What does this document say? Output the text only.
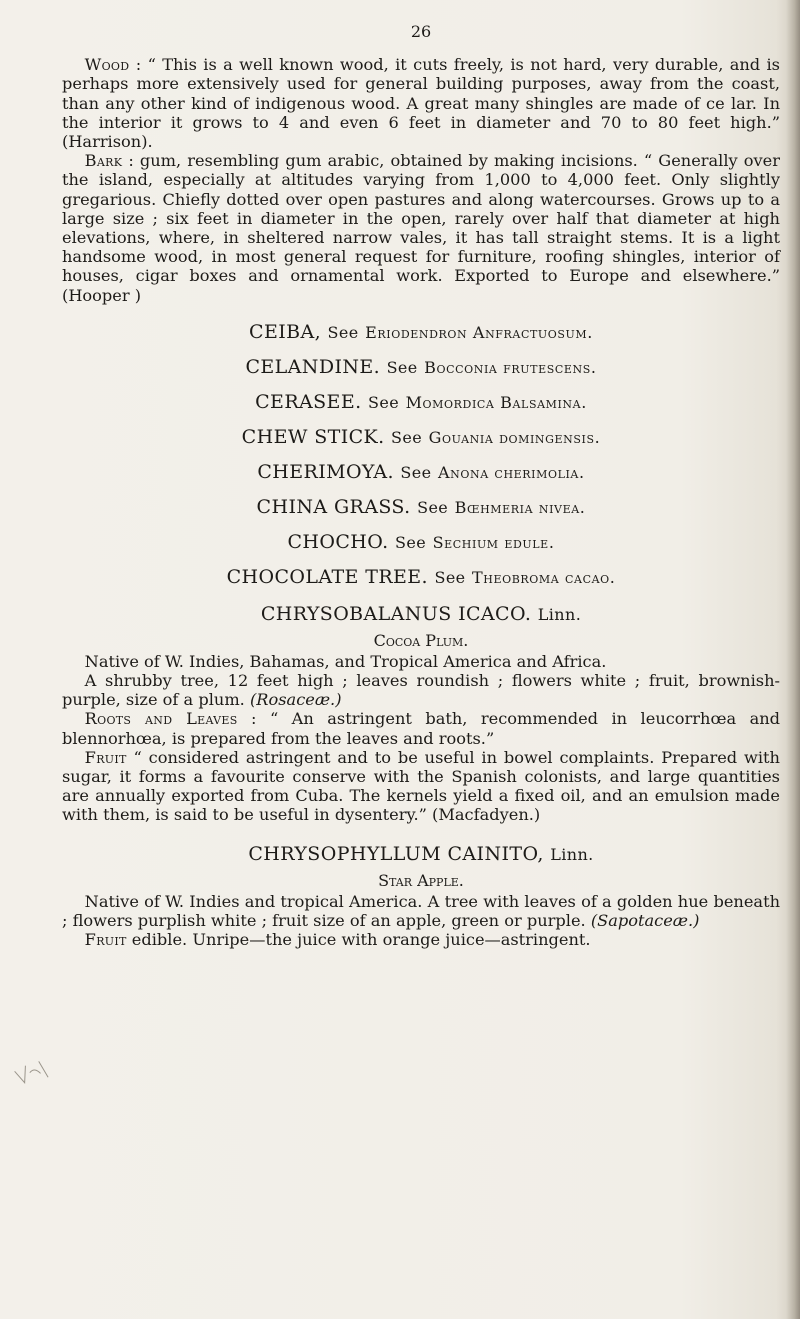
26

Wood : “ This is a well known wood, it cuts freely, is not hard, very durable, and is perhaps more extensively used for general building purposes, away from the coast, than any other kind of indigenous wood. A great many shingles are made of ce lar. In the interior it grows to 4 and even 6 feet in diameter and 70 to 80 feet high.” (Harrison).

Bark : gum, resembling gum arabic, obtained by making incisions. “ Generally over the island, especially at altitudes varying from 1,000 to 4,000 feet. Only slightly gregarious. Chiefly dotted over open pastures and along watercourses. Grows up to a large size ; six feet in diameter in the open, rarely over half that diameter at high elevations, where, in sheltered narrow vales, it has tall straight stems. It is a light handsome wood, in most general request for furniture, roofing shingles, interior of houses, cigar boxes and ornamental work. Exported to Europe and elsewhere.” (Hooper )

CEIBA, See Eriodendron Anfractuosum.

CELANDINE. See Bocconia frutescens.

CERASEE. See Momordica Balsamina.

CHEW STICK. See Gouania domingensis.

CHERIMOYA. See Anona cherimolia.

CHINA GRASS. See Bœhmeria nivea.

CHOCHO. See Sechium edule.

CHOCOLATE TREE. See Theobroma cacao.

CHRYSOBALANUS ICACO. Linn.
Cocoa Plum.

Native of W. Indies, Bahamas, and Tropical America and Africa.

A shrubby tree, 12 feet high ; leaves roundish ; flowers white ; fruit, brownish-purple, size of a plum. (Rosaceæ.)

Roots and Leaves : “ An astringent bath, recommended in leucorrhœa and blennorhœa, is prepared from the leaves and roots.”

Fruit “ considered astringent and to be useful in bowel complaints. Prepared with sugar, it forms a favourite conserve with the Spanish colonists, and large quantities are annually exported from Cuba. The kernels yield a fixed oil, and an emulsion made with them, is said to be useful in dysentery.” (Macfadyen.)

CHRYSOPHYLLUM CAINITO, Linn.
Star Apple.

Native of W. Indies and tropical America. A tree with leaves of a golden hue beneath ; flowers purplish white ; fruit size of an apple, green or purple. (Sapotaceæ.)

Fruit edible. Unripe—the juice with orange juice—astringent.
